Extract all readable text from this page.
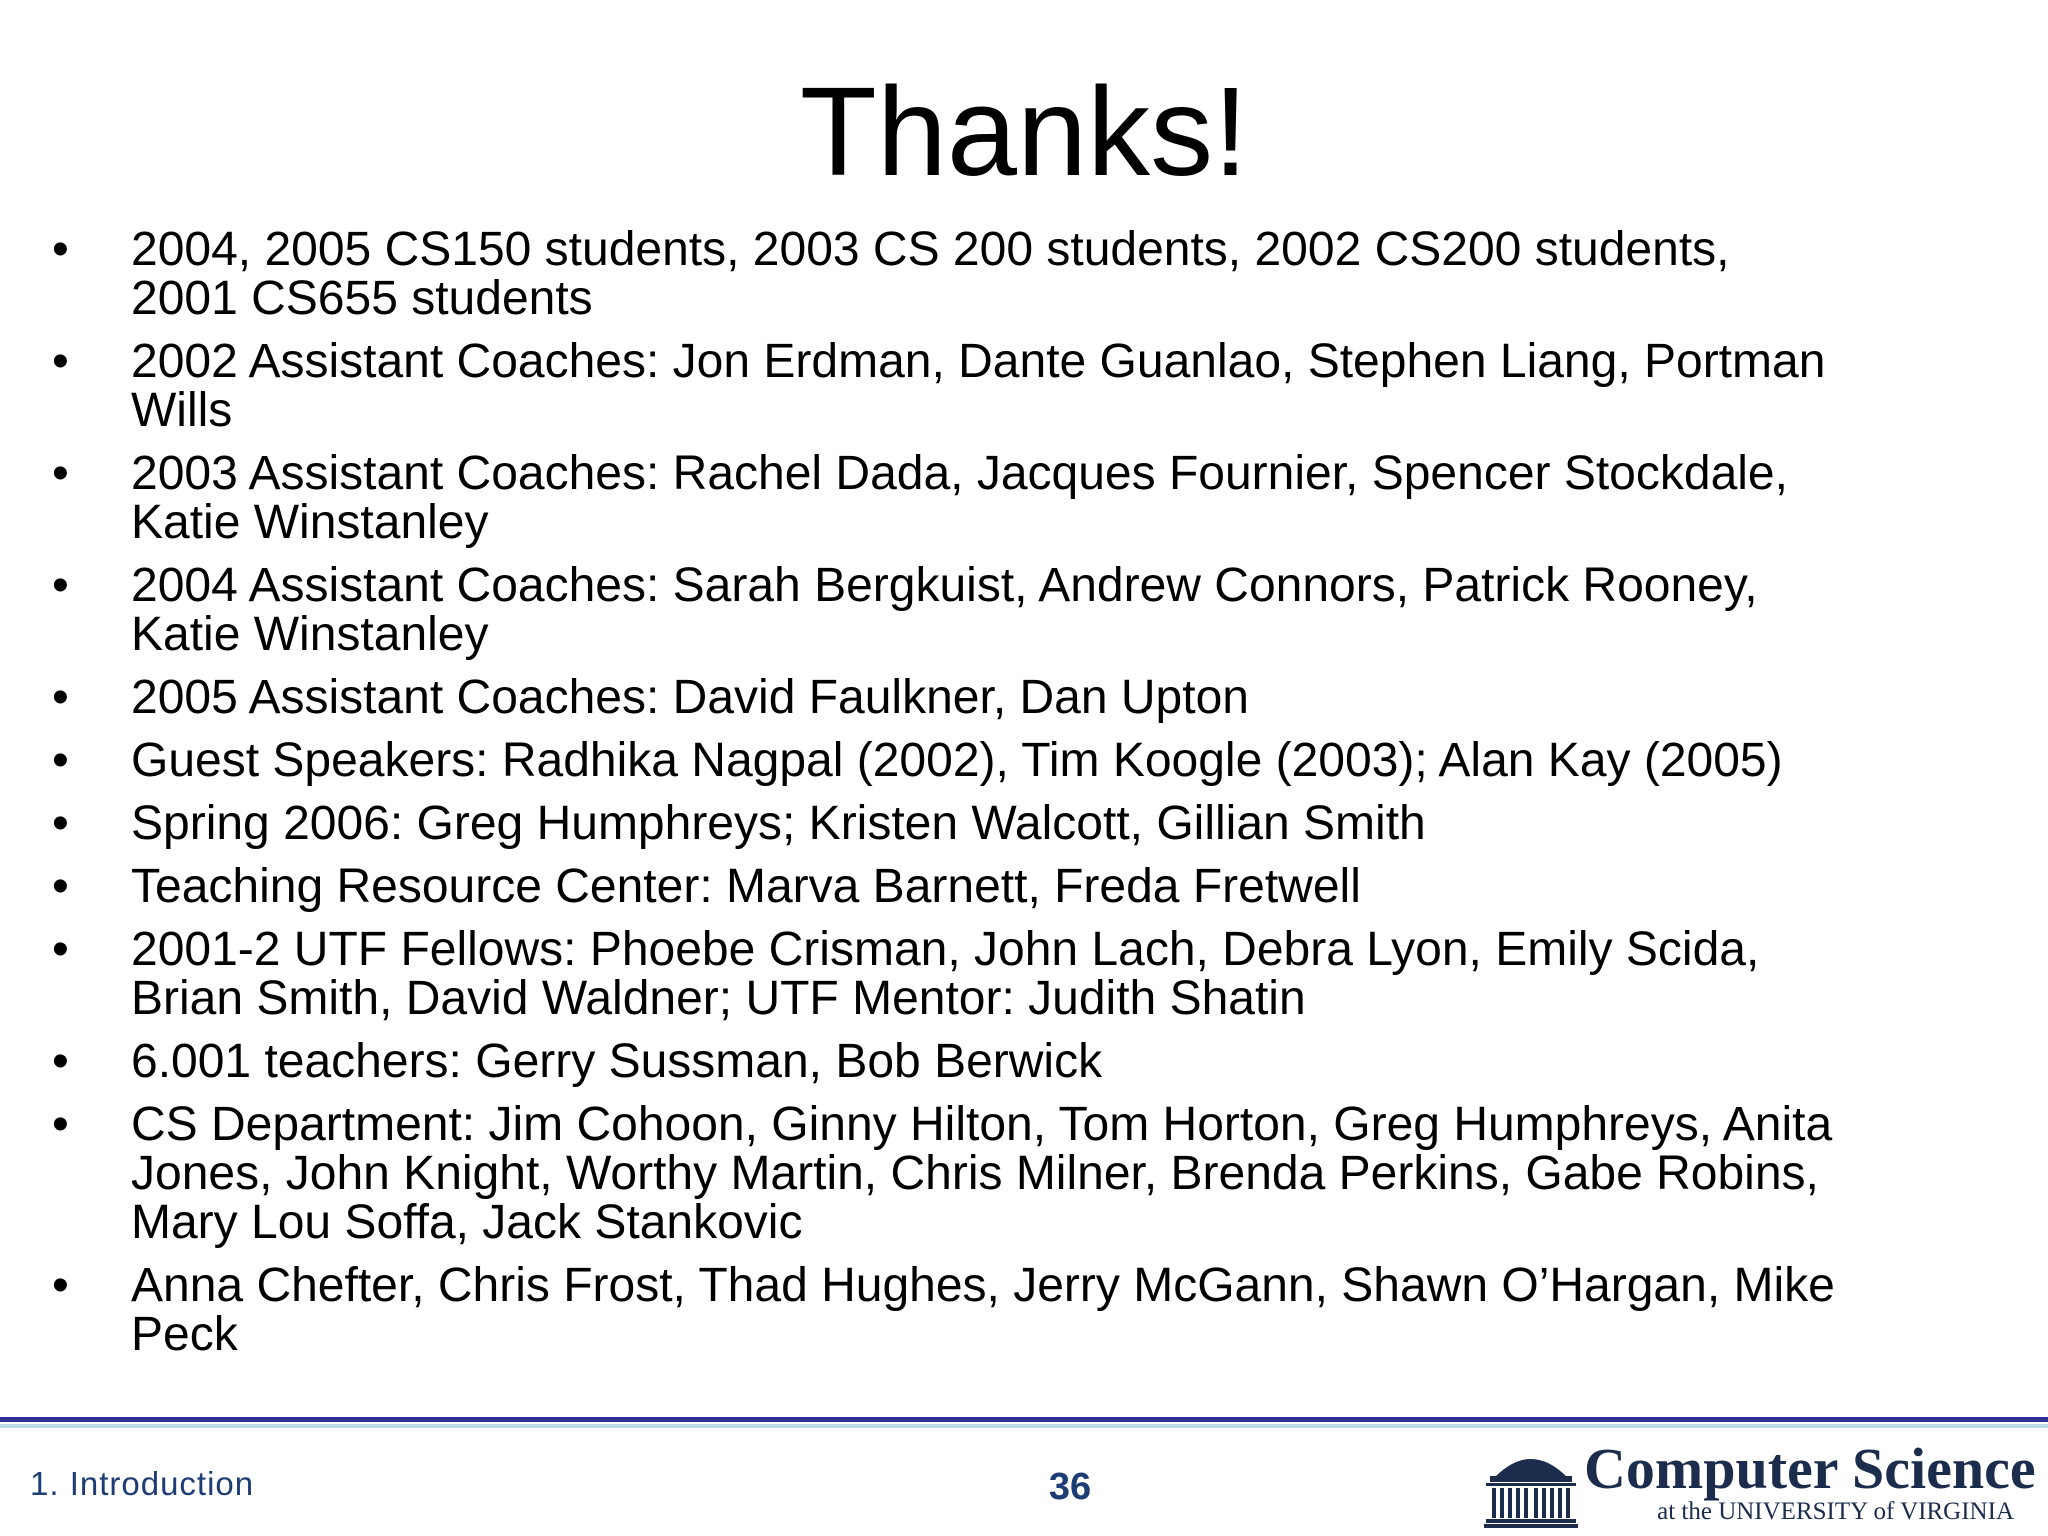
Thanks!
• 2004, 2005 CS150 students, 2003 CS 200 students, 2002 CS200 students,
2001 CS655 students
• 2002 Assistant Coaches: Jon Erdman, Dante Guanlao, Stephen Liang, Portman
Wills
• 2003 Assistant Coaches: Rachel Dada, Jacques Fournier, Spencer Stockdale,
Katie Winstanley
• 2004 Assistant Coaches: Sarah Bergkuist, Andrew Connors, Patrick Rooney,
Katie Winstanley
• 2005 Assistant Coaches: David Faulkner, Dan Upton
• Guest Speakers: Radhika Nagpal (2002), Tim Koogle (2003); Alan Kay (2005)
• Spring 2006: Greg Humphreys; Kristen Walcott, Gillian Smith
• Teaching Resource Center: Marva Barnett, Freda Fretwell
• 2001-2 UTF Fellows: Phoebe Crisman, John Lach, Debra Lyon, Emily Scida,
Brian Smith, David Waldner; UTF Mentor: Judith Shatin
• 6.001 teachers: Gerry Sussman, Bob Berwick
• CS Department: Jim Cohoon, Ginny Hilton, Tom Horton, Greg Humphreys, Anita
Jones, John Knight, Worthy Martin, Chris Milner, Brenda Perkins, Gabe Robins,
Mary Lou Soffa, Jack Stankovic
• Anna Chefter, Chris Frost, Thad Hughes, Jerry McGann, Shawn O’Hargan, Mike
Peck
1. Introduction	36	Computer Science
at the UNIVERSITY of VIRGINIA
